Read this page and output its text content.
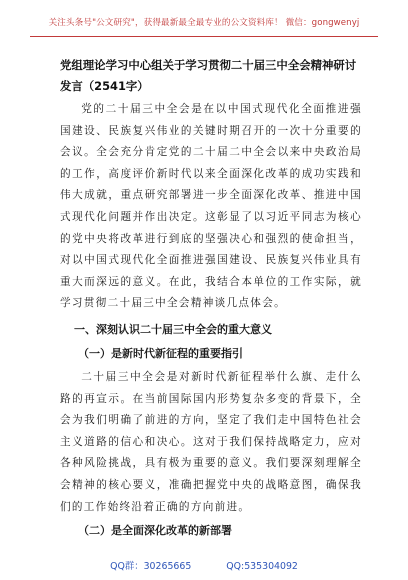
关注头条号"公文研究"，获得最新最全最专业的公文资料库！ 微信：gongwenyj
党组理论学习中心组关于学习贯彻二十届三中全会精神研讨发言（2541字）

党的二十届三中全会是在以中国式现代化全面推进强国建设、民族复兴伟业的关键时期召开的一次十分重要的会议。全会充分肯定党的二十届二中全会以来中央政治局的工作，高度评价新时代以来全面深化改革的成功实践和伟大成就，重点研究部署进一步全面深化改革、推进中国式现代化问题并作出决定。这彰显了以习近平同志为核心的党中央将改革进行到底的坚强决心和强烈的使命担当，对以中国式现代化全面推进强国建设、民族复兴伟业具有重大而深远的意义。在此，我结合本单位的工作实际，就学习贯彻二十届三中全会精神谈几点体会。

一、深刻认识二十届三中全会的重大意义
（一）是新时代新征程的重要指引

二十届三中全会是对新时代新征程举什么旗、走什么路的再宣示。在当前国际国内形势复杂多变的背景下，全会为我们明确了前进的方向，坚定了我们走中国特色社会主义道路的信心和决心。这对于我们保持战略定力，应对各种风险挑战，具有极为重要的意义。我们要深刻理解全会精神的核心要义，准确把握党中央的战略意图，确保我们的工作始终沿着正确的方向前进。

（二）是全面深化改革的新部署
QQ群：30265665	QQ:535304092
